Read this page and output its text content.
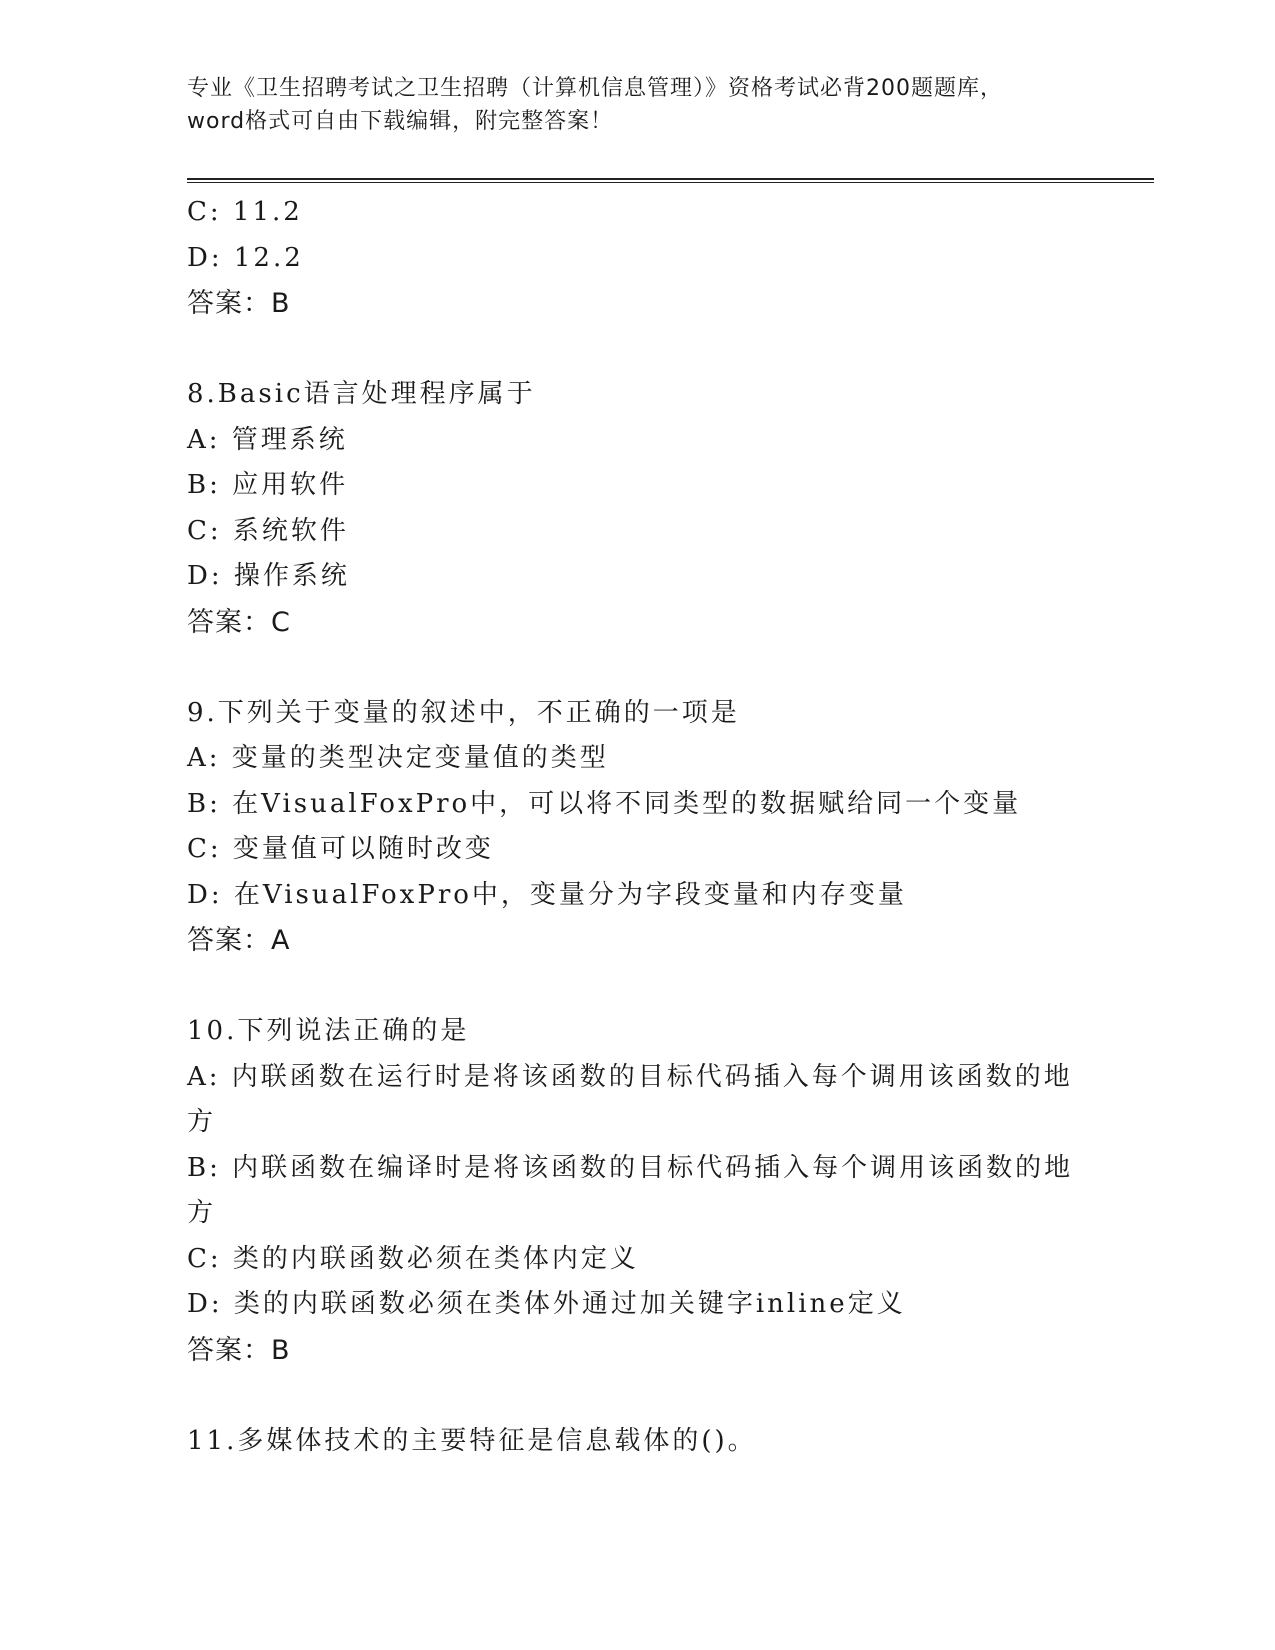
专业《卫生招聘考试之卫生招聘（计算机信息管理）》资格考试必背200题题库，
word格式可自由下载编辑，附完整答案！
C: 11.2
D: 12.2
答案：B
8.Basic语言处理程序属于
A: 管理系统
B: 应用软件
C: 系统软件
D: 操作系统
答案：C
9.下列关于变量的叙述中，不正确的一项是
A: 变量的类型决定变量值的类型
B: 在VisualFoxPro中，可以将不同类型的数据赋给同一个变量
C: 变量值可以随时改变
D: 在VisualFoxPro中，变量分为字段变量和内存变量
答案：A
10.下列说法正确的是
A: 内联函数在运行时是将该函数的目标代码插入每个调用该函数的地方
B: 内联函数在编译时是将该函数的目标代码插入每个调用该函数的地方
C: 类的内联函数必须在类体内定义
D: 类的内联函数必须在类体外通过加关键字inline定义
答案：B
11.多媒体技术的主要特征是信息载体的()。
